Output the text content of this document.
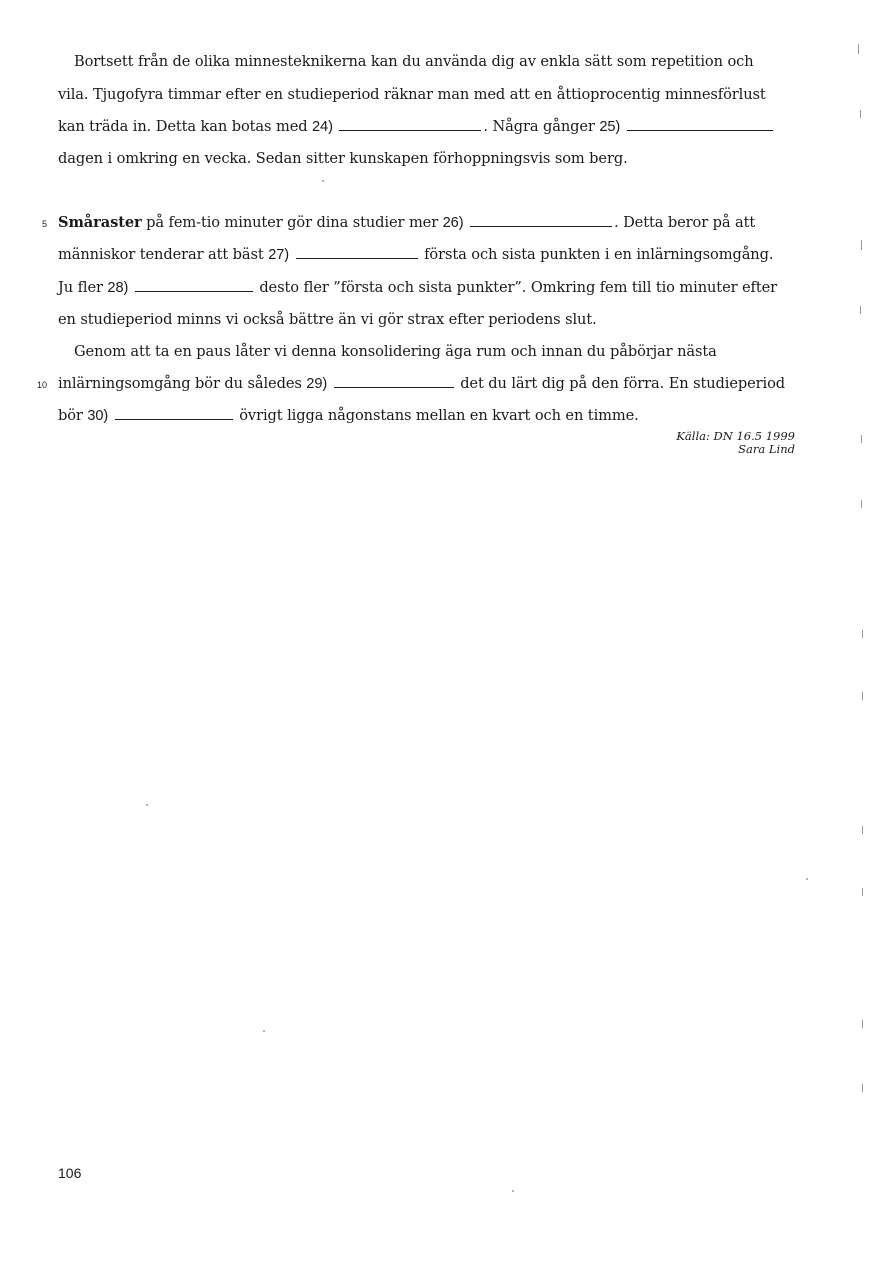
Bortsett från de olika minnesteknikerna kan du använda dig av enkla sätt som repetition och
vila. Tjugofyra timmar efter en studieperiod räknar man med att en åttioprocentig minnesförlust
kan träda in. Detta kan botas med 24)	. Några gånger 25)
dagen i omkring en vecka. Sedan sitter kunskapen förhoppningsvis som berg.
5 Småraster på fem-tio minuter gör dina studier mer 26)	. Detta beror på att
människor tenderar att bäst 27)	första och sista punkten i en inlärningsomgång.
Ju fler 28)	desto fler ”första och sista punkter”. Omkring fem till tio minuter efter
en studieperiod minns vi också bättre än vi gör strax efter periodens slut.
Genom att ta en paus låter vi denna konsolidering äga rum och innan du påbörjar nästa
10 inlärningsomgång bör du således 29)	det du lärt dig på den förra. En studieperiod
bör 30)	övrigt ligga någonstans mellan en kvart och en timme.
Källa: DN 16.5 1999
Sara Lind
106
